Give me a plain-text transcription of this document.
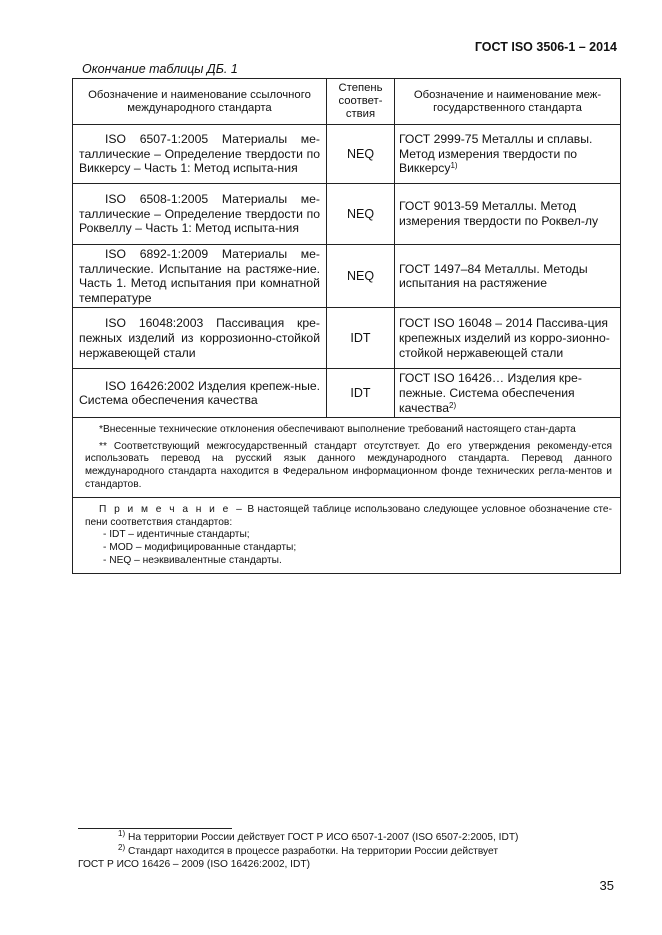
ГОСТ ISO 3506-1 – 2014
Окончание таблицы ДБ. 1
Обозначение и наименование ссылочного международного стандарта	Степень соответ-ствия	Обозначение и наименование меж-государственного стандарта

ISO 6507-1:2005 Материалы ме-таллические – Определение твердости по Виккерсу – Часть 1: Метод испыта-ния	NEQ	ГОСТ 2999-75 Металлы и сплавы. Метод измерения твердости по Виккерсу$^{1)}$

ISO 6508-1:2005 Материалы ме-таллические – Определение твердости по Роквеллу – Часть 1: Метод испыта-ния	NEQ	ГОСТ 9013-59 Металлы. Метод измерения твердости по Роквел-лу

ISO 6892-1:2009 Материалы ме-таллические. Испытание на растяже-ние. Часть 1. Метод испытания при комнатной температуре	NEQ	ГОСТ 1497–84 Металлы. Методы испытания на растяжение

ISO 16048:2003 Пассивация кре-пежных изделий из коррозионно-стойкой нержавеющей стали	IDT	ГОСТ ISO 16048 – 2014 Пассива-ция крепежных изделий из корро-зионно-стойкой нержавеющей стали

ISO 16426:2002 Изделия крепеж-ные. Система обеспечения качества	IDT	ГОСТ ISO 16426… Изделия кре-пежные. Система обеспечения качества$^{2)}$

*Внесенные технические отклонения обеспечивают выполнение требований настоящего стан-дарта

** Соответствующий межгосударственный стандарт отсутствует. До его утверждения рекоменду-ется использовать перевод на русский язык данного международного стандарта. Перевод данного международного стандарта находится в Федеральном информационном фонде технических регла-ментов и стандартов.		

П р и м е ч а н и е – В настоящей таблице использовано следующее условное обозначение сте-пени соответствия стандартов:

- IDT – идентичные стандарты;

- MOD – модифицированные стандарты;

- NEQ – неэквивалентные стандарты.		

$^{1)}$ На территории России действует ГОСТ Р ИСО 6507-1-2007 (ISO 6507-2:2005, IDT)
$^{2)}$ Стандарт находится в процессе разработки. На территории России действует
ГОСТ Р ИСО 16426 – 2009 (ISO 16426:2002, IDT)
35
